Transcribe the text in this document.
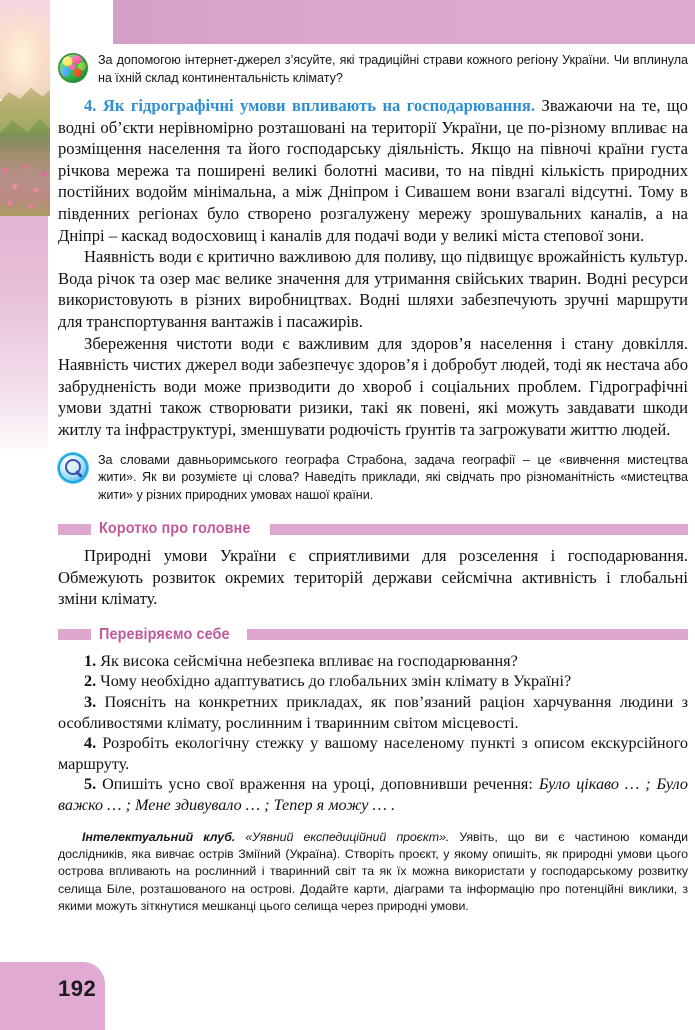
За допомогою інтернет-джерел з’ясуйте, які традиційні страви кожного регіону України. Чи вплинула на їхній склад континентальність клімату?

4. Як гідрографічні умови впливають на господарювання. Зважаючи на те, що водні об’єкти нерівномірно розташовані на території України, це по-різному впливає на розміщення населення та його господарську діяльність. Якщо на півночі країни густа річкова мережа та поширені великі болотні масиви, то на півдні кількість природних постійних водойм мінімальна, а між Дніпром і Сивашем вони взагалі відсутні. Тому в південних регіонах було створено розгалужену мережу зрошувальних каналів, а на Дніпрі – каскад водосховищ і каналів для подачі води у великі міста степової зони.

Наявність води є критично важливою для поливу, що підвищує врожайність культур. Вода річок та озер має велике значення для утримання свійських тварин. Водні ресурси використовують в різних виробництвах. Водні шляхи забезпечують зручні маршрути для транспортування вантажів і пасажирів.

Збереження чистоти води є важливим для здоров’я населення і стану довкілля. Наявність чистих джерел води забезпечує здоров’я і добробут людей, тоді як нестача або забрудненість води може призводити до хвороб і соціальних проблем. Гідрографічні умови здатні також створювати ризики, такі як повені, які можуть завдавати шкоди житлу та інфраструктурі, зменшувати родючість ґрунтів та загрожувати життю людей.

За словами давньоримського географа Страбона, задача географії – це «вивчення мистецтва жити». Як ви розумієте ці слова? Наведіть приклади, які свідчать про різноманітність «мистецтва жити» у різних природних умовах нашої країни.
Коротко про головне

Природні умови України є сприятливими для розселення і господарювання. Обмежують розвиток окремих територій держави сейсмічна активність і глобальні зміни клімату.

Перевіряємо себе

1. Як висока сейсмічна небезпека впливає на господарювання?

2. Чому необхідно адаптуватись до глобальних змін клімату в Україні?

3. Поясніть на конкретних прикладах, як пов’язаний раціон харчування людини з особливостями клімату, рослинним і тваринним світом місцевості.

4. Розробіть екологічну стежку у вашому населеному пункті з описом екскурсійного маршруту.

5. Опишіть усно свої враження на уроці, доповнивши речення: Було цікаво … ; Було важко … ; Мене здивувало … ; Тепер я можу … .

Інтелектуальний клуб. «Уявний експедиційний проєкт». Уявіть, що ви є частиною команди дослідників, яка вивчає острів Зміїний (Україна). Створіть проєкт, у якому опишіть, як природні умови цього острова впливають на рослинний і тваринний світ та як їх можна використати у господарському розвитку селища Біле, розташованого на острові. Додайте карти, діаграми та інформацію про потенційні виклики, з якими можуть зіткнутися мешканці цього селища через природні умови.

192
